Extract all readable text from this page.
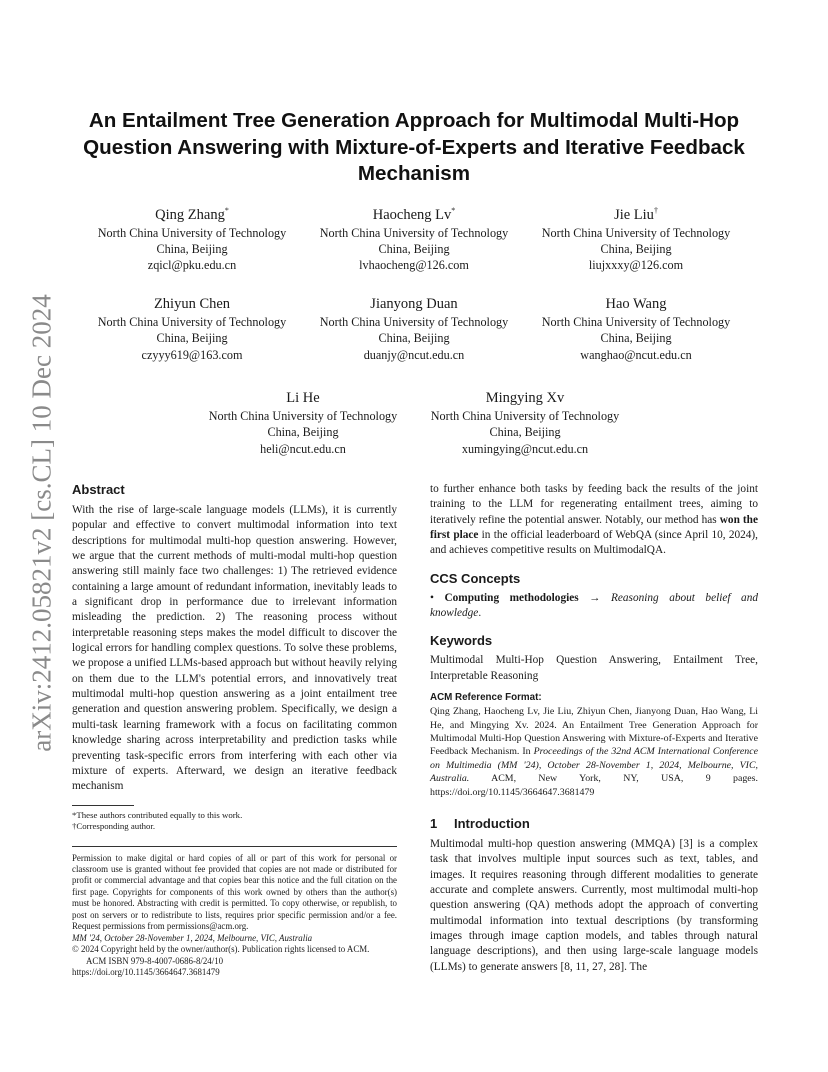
arXiv:2412.05821v2 [cs.CL] 10 Dec 2024
An Entailment Tree Generation Approach for Multimodal Multi-Hop Question Answering with Mixture-of-Experts and Iterative Feedback Mechanism
Qing Zhang*
North China University of Technology
China, Beijing
zqicl@pku.edu.cn
Haocheng Lv*
North China University of Technology
China, Beijing
lvhaocheng@126.com
Jie Liu†
North China University of Technology
China, Beijing
liujxxxy@126.com
Zhiyun Chen
North China University of Technology
China, Beijing
czyyy619@163.com
Jianyong Duan
North China University of Technology
China, Beijing
duanjy@ncut.edu.cn
Hao Wang
North China University of Technology
China, Beijing
wanghao@ncut.edu.cn
Li He
North China University of Technology
China, Beijing
heli@ncut.edu.cn
Mingying Xv
North China University of Technology
China, Beijing
xumingying@ncut.edu.cn
Abstract

With the rise of large-scale language models (LLMs), it is currently popular and effective to convert multimodal information into text descriptions for multimodal multi-hop question answering. However, we argue that the current methods of multi-modal multi-hop question answering still mainly face two challenges: 1) The retrieved evidence containing a large amount of redundant information, inevitably leads to a significant drop in performance due to irrelevant information misleading the prediction. 2) The reasoning process without interpretable reasoning steps makes the model difficult to discover the logical errors for handling complex questions. To solve these problems, we propose a unified LLMs-based approach but without heavily relying on them due to the LLM's potential errors, and innovatively treat multimodal multi-hop question answering as a joint entailment tree generation and question answering problem. Specifically, we design a multi-task learning framework with a focus on facilitating common knowledge sharing across interpretability and prediction tasks while preventing task-specific errors from interfering with each other via mixture of experts. Afterward, we design an iterative feedback mechanism

*These authors contributed equally to this work.

†Corresponding author.

Permission to make digital or hard copies of all or part of this work for personal or classroom use is granted without fee provided that copies are not made or distributed for profit or commercial advantage and that copies bear this notice and the full citation on the first page. Copyrights for components of this work owned by others than the author(s) must be honored. Abstracting with credit is permitted. To copy otherwise, or republish, to post on servers or to redistribute to lists, requires prior specific permission and/or a fee. Request permissions from permissions@acm.org.

MM '24, October 28-November 1, 2024, Melbourne, VIC, Australia

© 2024 Copyright held by the owner/author(s). Publication rights licensed to ACM.

ACM ISBN 979-8-4007-0686-8/24/10

https://doi.org/10.1145/3664647.3681479

to further enhance both tasks by feeding back the results of the joint training to the LLM for regenerating entailment trees, aiming to iteratively refine the potential answer. Notably, our method has won the first place in the official leaderboard of WebQA (since April 10, 2024), and achieves competitive results on MultimodalQA.

CCS Concepts

• Computing methodologies → Reasoning about belief and knowledge.

Keywords

Multimodal Multi-Hop Question Answering, Entailment Tree, Interpretable Reasoning

ACM Reference Format:

Qing Zhang, Haocheng Lv, Jie Liu, Zhiyun Chen, Jianyong Duan, Hao Wang, Li He, and Mingying Xv. 2024. An Entailment Tree Generation Approach for Multimodal Multi-Hop Question Answering with Mixture-of-Experts and Iterative Feedback Mechanism. In Proceedings of the 32nd ACM International Conference on Multimedia (MM '24), October 28-November 1, 2024, Melbourne, VIC, Australia. ACM, New York, NY, USA, 9 pages. https://doi.org/10.1145/3664647.3681479

1 Introduction

Multimodal multi-hop question answering (MMQA) [3] is a complex task that involves multiple input sources such as text, tables, and images. It requires reasoning through different modalities to generate accurate and complete answers. Currently, most multimodal multi-hop question answering (QA) methods adopt the approach of converting multimodal information into textual descriptions (by transforming images through image caption models, and tables through natural language descriptions), and then using large-scale language models (LLMs) to generate answers [8, 11, 27, 28]. The
